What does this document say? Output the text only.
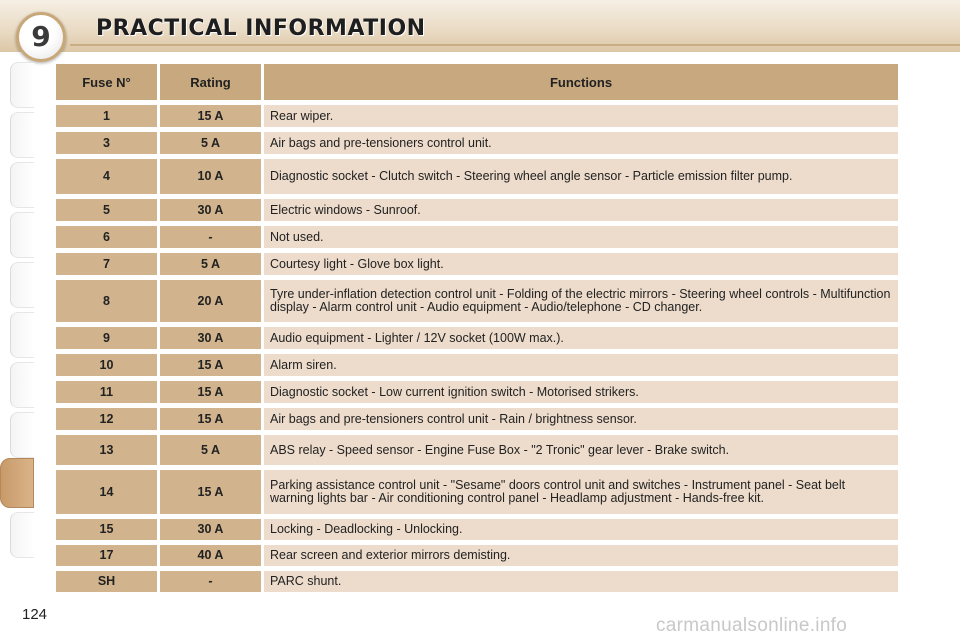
9 PRACTICAL INFORMATION
Fuse N°	Rating	Functions
1	15 A	Rear wiper.
3	5 A	Air bags and pre-tensioners control unit.
4	10 A	Diagnostic socket - Clutch switch - Steering wheel angle sensor - Particle emission filter pump.
5	30 A	Electric windows - Sunroof.
6	-	Not used.
7	5 A	Courtesy light - Glove box light.
8	20 A	Tyre under-inflation detection control unit - Folding of the electric mirrors - Steering wheel controls - Multifunction display - Alarm control unit - Audio equipment - Audio/telephone - CD changer.
9	30 A	Audio equipment - Lighter / 12V socket (100W max.).
10	15 A	Alarm siren.
11	15 A	Diagnostic socket - Low current ignition switch - Motorised strikers.
12	15 A	Air bags and pre-tensioners control unit - Rain / brightness sensor.
13	5 A	ABS relay - Speed sensor - Engine Fuse Box - "2 Tronic" gear lever - Brake switch.
14	15 A	Parking assistance control unit - "Sesame" doors control unit and switches - Instrument panel - Seat belt warning lights bar - Air conditioning control panel - Headlamp adjustment - Hands-free kit.
15	30 A	Locking - Deadlocking - Unlocking.
17	40 A	Rear screen and exterior mirrors demisting.
SH	-	PARC shunt.
124
carmanualsonline.info
